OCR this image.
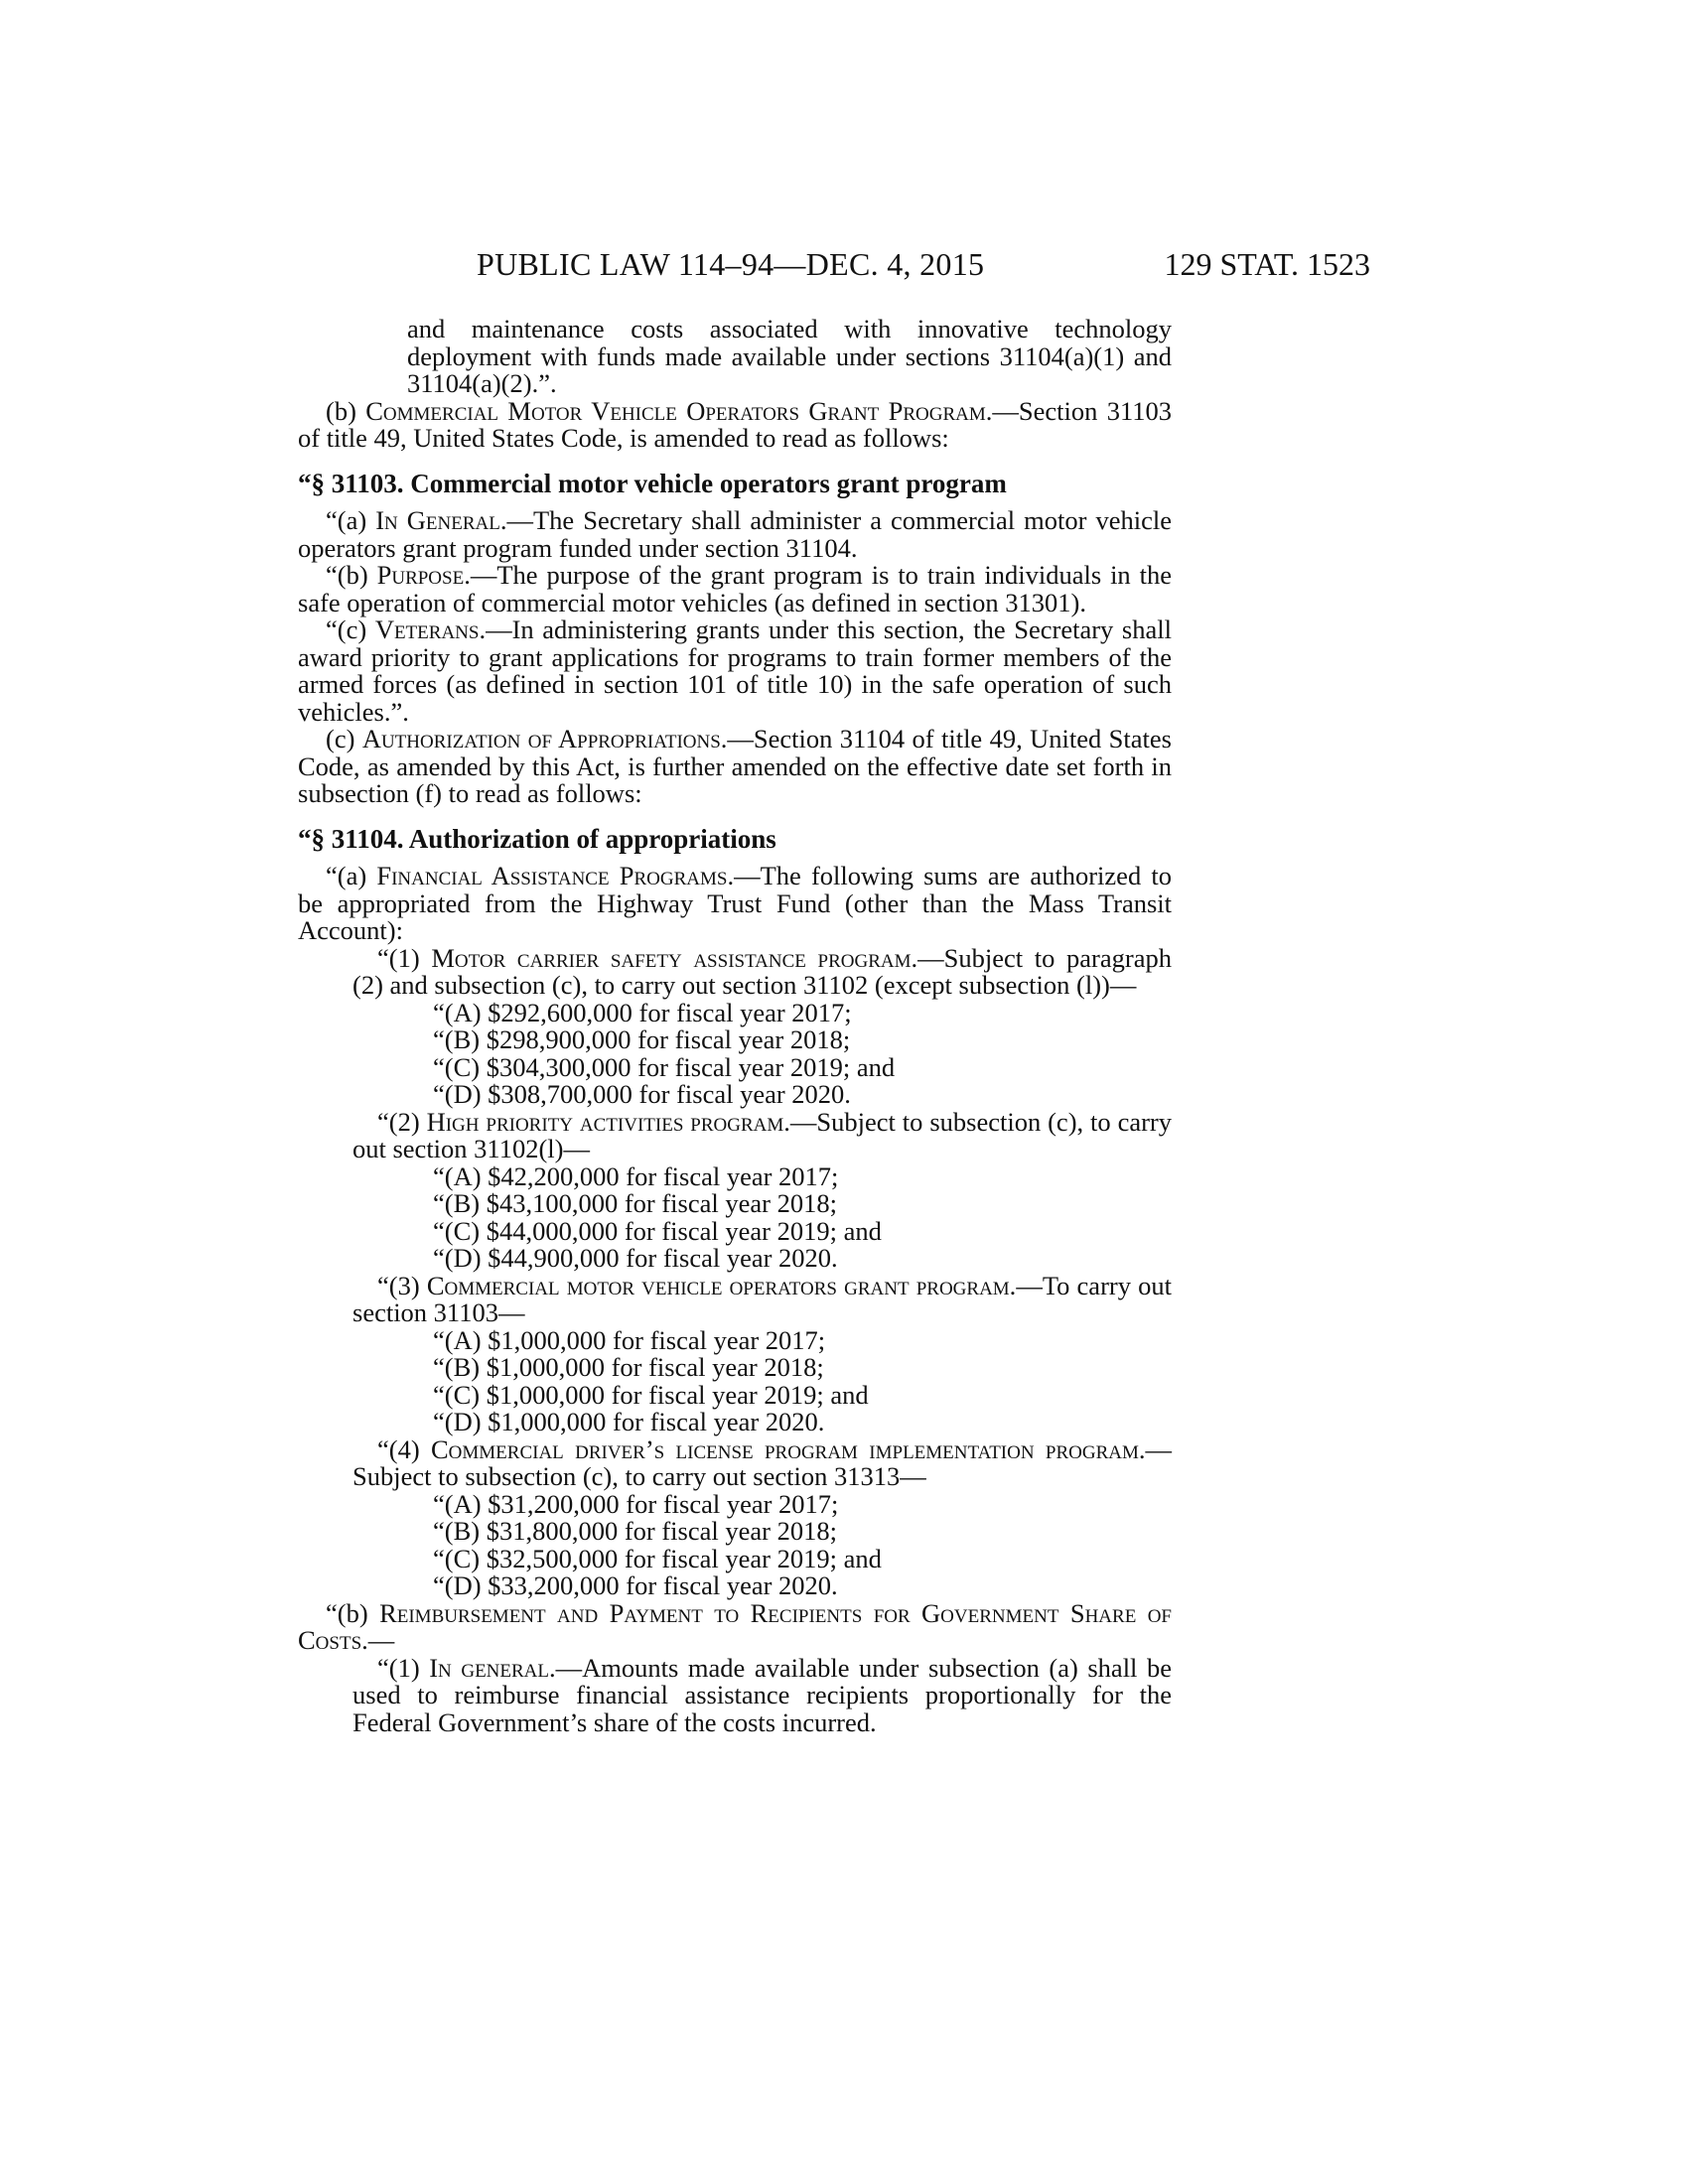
PUBLIC LAW 114–94—DEC. 4, 2015	129 STAT. 1523

and maintenance costs associated with innovative technology deployment with funds made available under sections 31104(a)(1) and 31104(a)(2).”.

(b) Commercial Motor Vehicle Operators Grant Program.—Section 31103 of title 49, United States Code, is amended to read as follows:

“§ 31103. Commercial motor vehicle operators grant program

“(a) In General.—The Secretary shall administer a commercial motor vehicle operators grant program funded under section 31104.

“(b) Purpose.—The purpose of the grant program is to train individuals in the safe operation of commercial motor vehicles (as defined in section 31301).

“(c) Veterans.—In administering grants under this section, the Secretary shall award priority to grant applications for programs to train former members of the armed forces (as defined in section 101 of title 10) in the safe operation of such vehicles.”.

(c) Authorization of Appropriations.—Section 31104 of title 49, United States Code, as amended by this Act, is further amended on the effective date set forth in subsection (f) to read as follows:

“§ 31104. Authorization of appropriations

“(a) Financial Assistance Programs.—The following sums are authorized to be appropriated from the Highway Trust Fund (other than the Mass Transit Account):

“(1) Motor carrier safety assistance program.—Subject to paragraph (2) and subsection (c), to carry out section 31102 (except subsection (l))—

“(A) $292,600,000 for fiscal year 2017;
“(B) $298,900,000 for fiscal year 2018;
“(C) $304,300,000 for fiscal year 2019; and
“(D) $308,700,000 for fiscal year 2020.

“(2) High priority activities program.—Subject to subsection (c), to carry out section 31102(l)—

“(A) $42,200,000 for fiscal year 2017;
“(B) $43,100,000 for fiscal year 2018;
“(C) $44,000,000 for fiscal year 2019; and
“(D) $44,900,000 for fiscal year 2020.

“(3) Commercial motor vehicle operators grant program.—To carry out section 31103—

“(A) $1,000,000 for fiscal year 2017;
“(B) $1,000,000 for fiscal year 2018;
“(C) $1,000,000 for fiscal year 2019; and
“(D) $1,000,000 for fiscal year 2020.

“(4) Commercial driver’s license program implementation program.—Subject to subsection (c), to carry out section 31313—

“(A) $31,200,000 for fiscal year 2017;
“(B) $31,800,000 for fiscal year 2018;
“(C) $32,500,000 for fiscal year 2019; and
“(D) $33,200,000 for fiscal year 2020.

“(b) Reimbursement and Payment to Recipients for Government Share of Costs.—

“(1) In general.—Amounts made available under subsection (a) shall be used to reimburse financial assistance recipients proportionally for the Federal Government’s share of the costs incurred.
